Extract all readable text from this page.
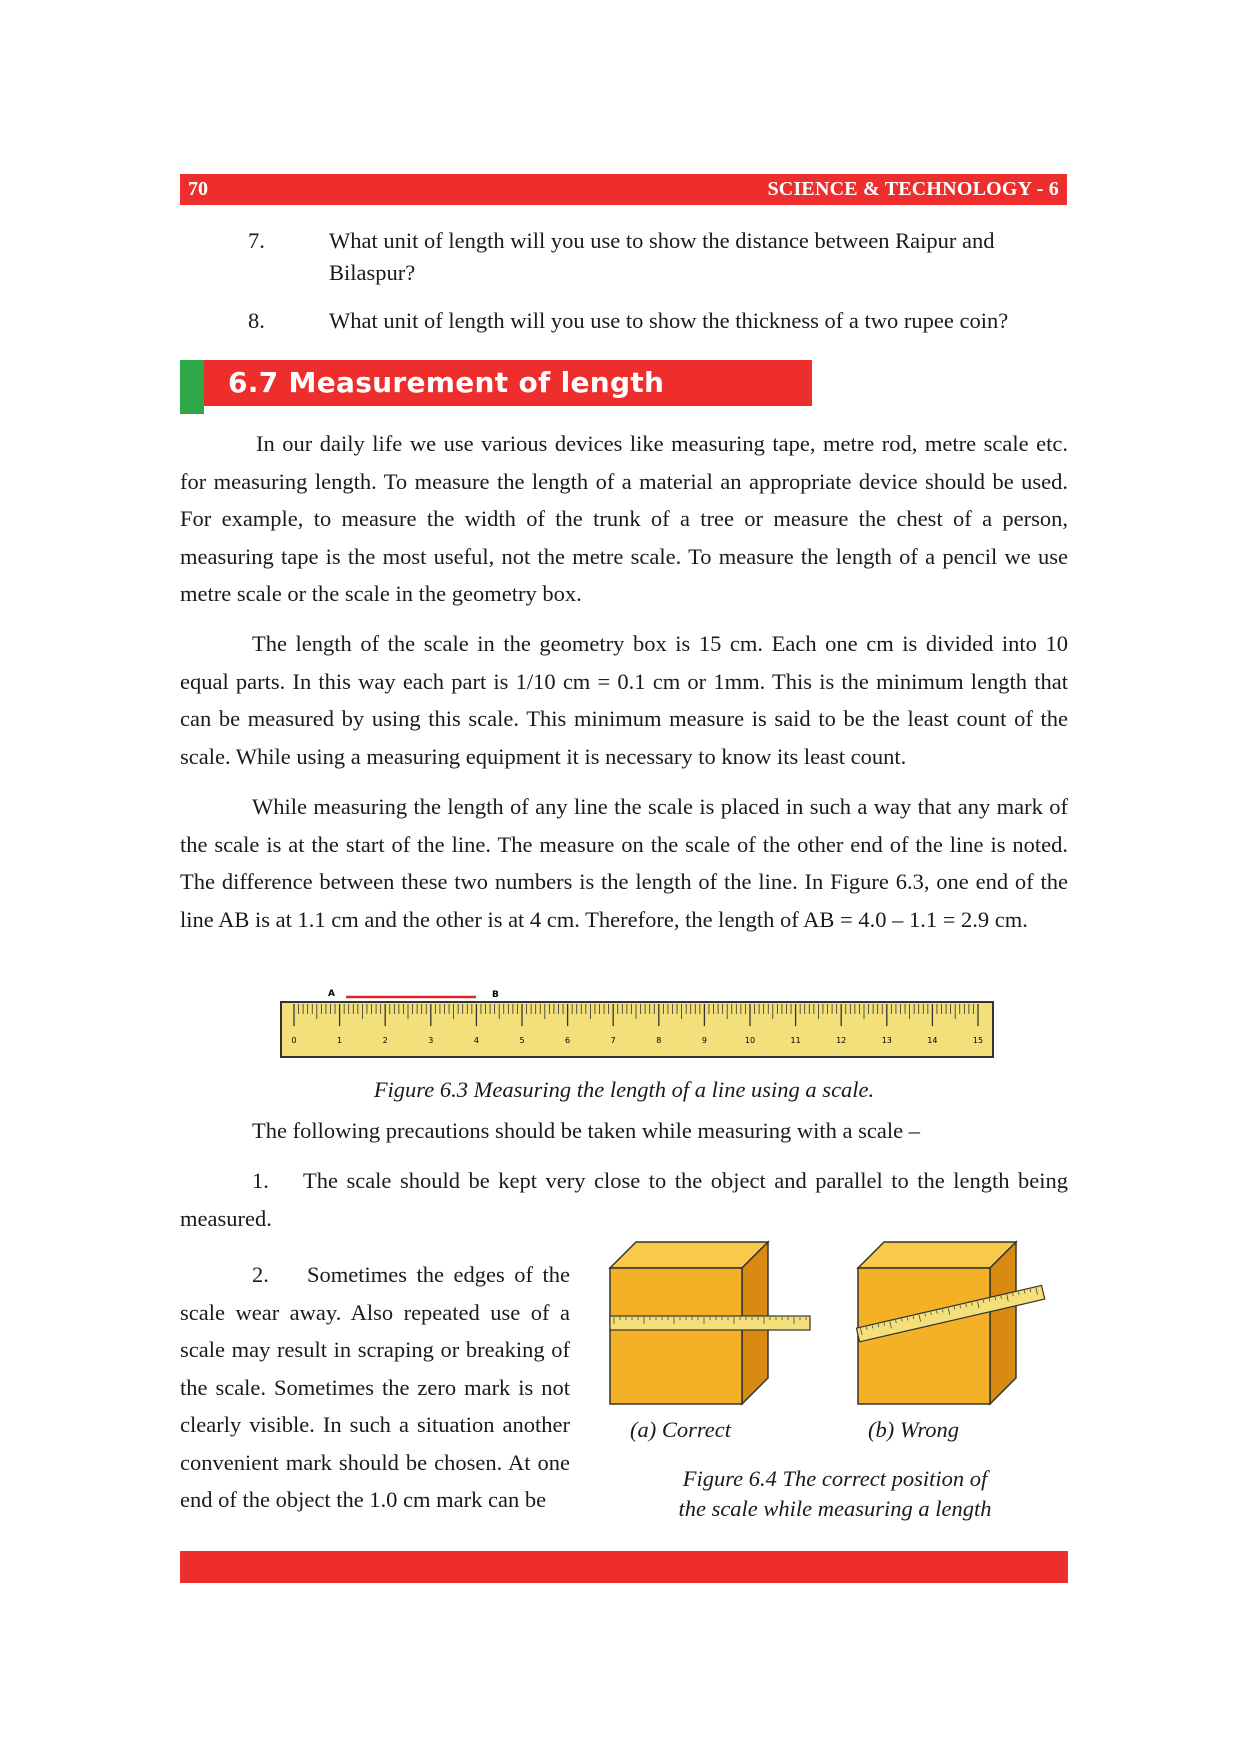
70	SCIENCE & TECHNOLOGY - 6
7.	What unit of length will you use to show the distance between Raipur and Bilaspur?
8.	What unit of length will you use to show the thickness of a two rupee coin?
6.7 Measurement of length

In our daily life we use various devices like measuring tape, metre rod, metre scale etc. for measuring length. To measure the length of a material an appropriate device should be used. For example, to measure the width of the trunk of a tree or measure the chest of a person, measuring tape is the most useful, not the metre scale. To measure the length of a pencil we use metre scale or the scale in the geometry box.

The length of the scale in the geometry box is 15 cm. Each one cm is divided into 10 equal parts. In this way each part is 1/10 cm = 0.1 cm or 1mm. This is the minimum length that can be measured by using this scale. This minimum measure is said to be the least count of the scale. While using a measuring equipment it is necessary to know its least count.

While measuring the length of any line the scale is placed in such a way that any mark of the scale is at the start of the line. The measure on the scale of the other end of the line is noted. The difference between these two numbers is the length of the line. In Figure 6.3, one end of the line AB is at 1.1 cm and the other is at 4 cm. Therefore, the length of AB = 4.0 – 1.1 = 2.9 cm.

A	B
0	1	2	3	4	5	6	7	8	9	10	11	12	13	14	15
Figure 6.3 Measuring the length of a line using a scale.
The following precautions should be taken while measuring with a scale –

1. The scale should be kept very close to the object and parallel to the length being measured.

2. Sometimes the edges of the scale wear away. Also repeated use of a scale may result in scraping or breaking of the scale. Sometimes the zero mark is not clearly visible. In such a situation another convenient mark should be chosen. At one end of the object the 1.0 cm mark can be

(a) Correct	(b) Wrong
Figure 6.4 The correct position of
the scale while measuring a length
